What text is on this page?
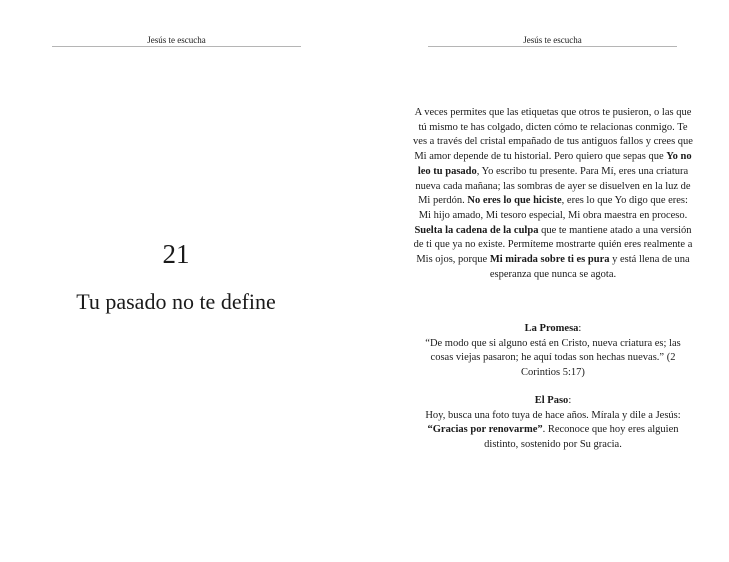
Jesús te escucha
21
Tu pasado no te define
Jesús te escucha
A veces permites que las etiquetas que otros te pusieron, o las que tú mismo te has colgado, dicten cómo te relacionas conmigo. Te ves a través del cristal empañado de tus antiguos fallos y crees que Mi amor depende de tu historial. Pero quiero que sepas que Yo no leo tu pasado, Yo escribo tu presente. Para Mí, eres una criatura nueva cada mañana; las sombras de ayer se disuelven en la luz de Mi perdón. No eres lo que hiciste, eres lo que Yo digo que eres: Mi hijo amado, Mi tesoro especial, Mi obra maestra en proceso. Suelta la cadena de la culpa que te mantiene atado a una versión de ti que ya no existe. Permíteme mostrarte quién eres realmente a Mis ojos, porque Mi mirada sobre ti es pura y está llena de una esperanza que nunca se agota.
La Promesa:
“De modo que si alguno está en Cristo, nueva criatura es; las cosas viejas pasaron; he aquí todas son hechas nuevas.” (2 Corintios 5:17)
El Paso:
Hoy, busca una foto tuya de hace años. Mírala y dile a Jesús: “Gracias por renovarme”. Reconoce que hoy eres alguien distinto, sostenido por Su gracia.
